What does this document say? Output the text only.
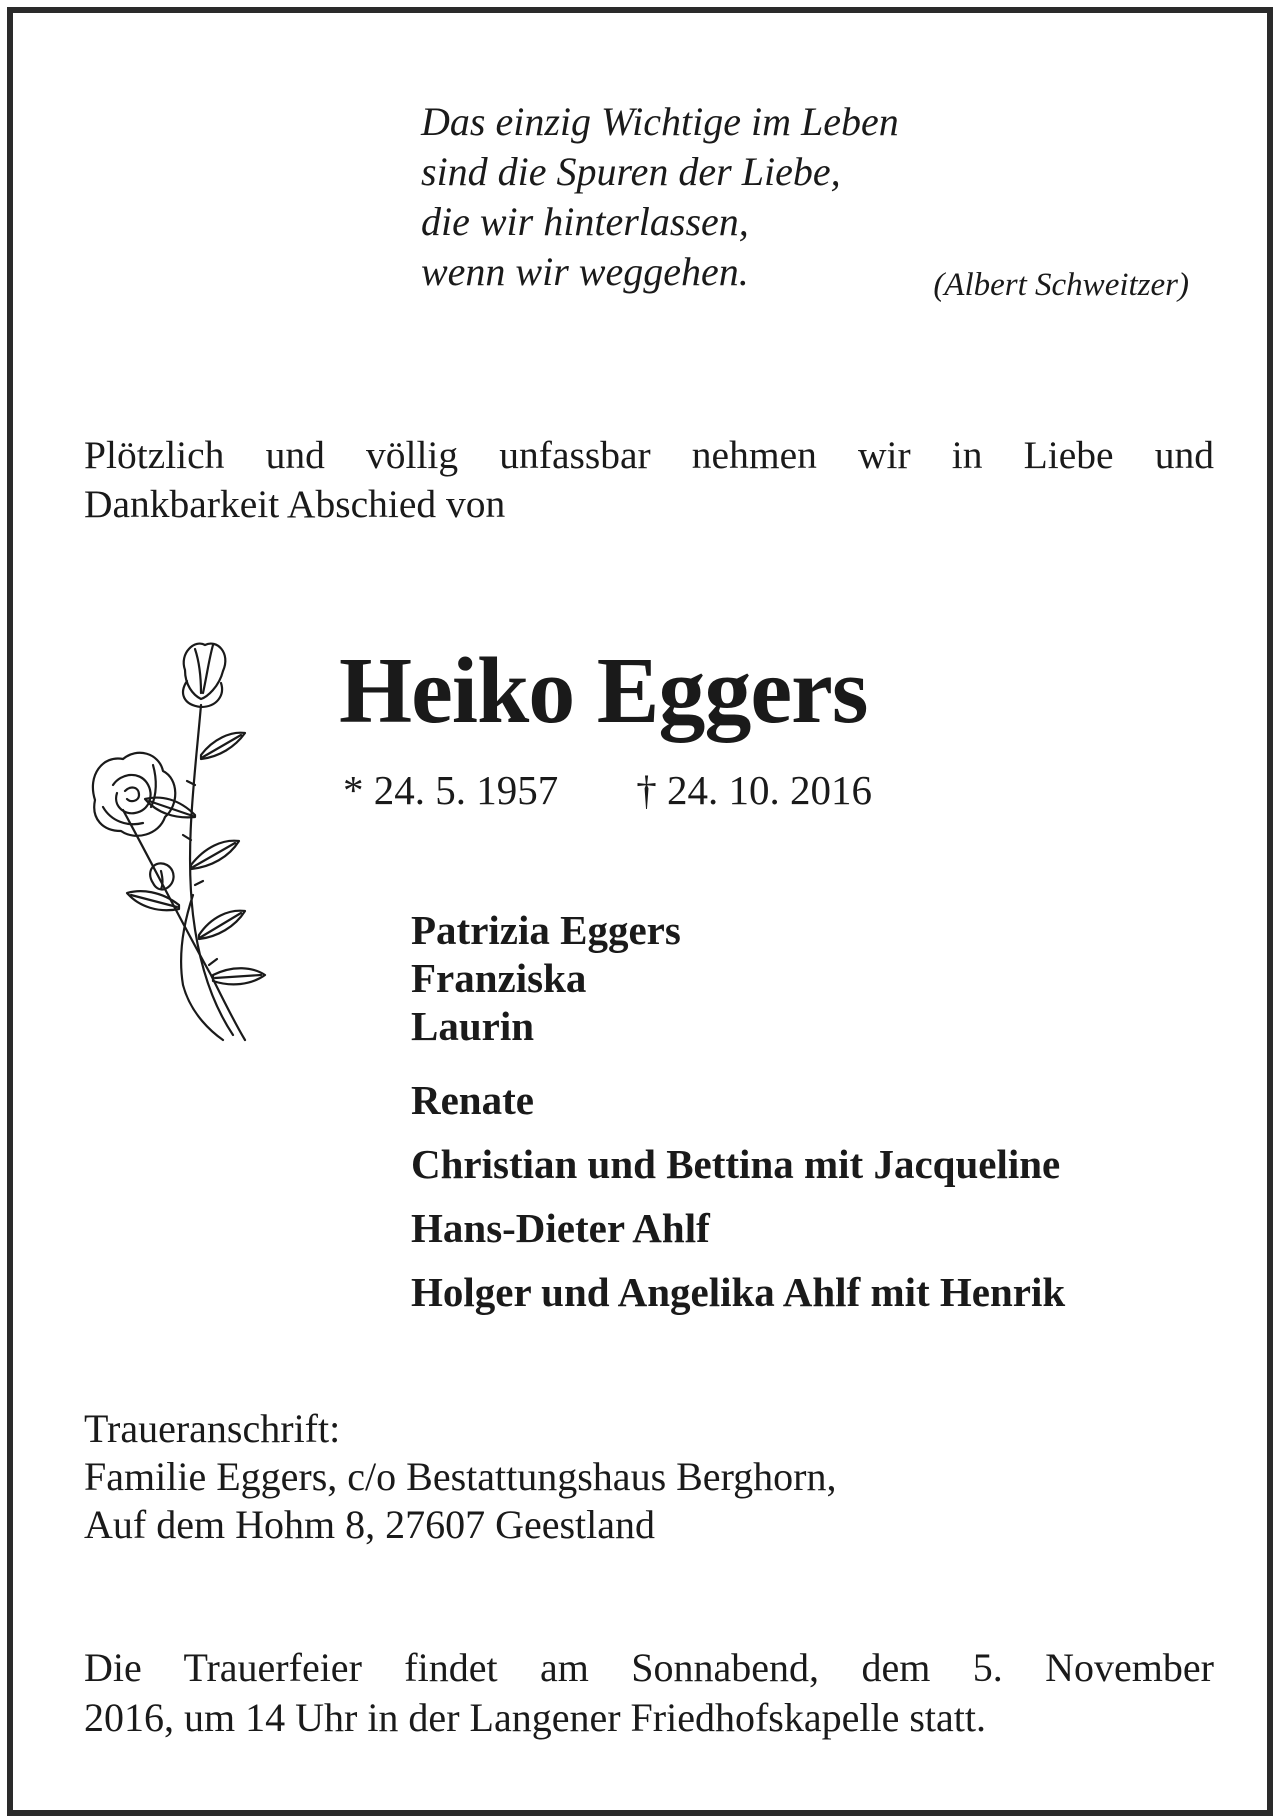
Das einzig Wichtige im Leben
sind die Spuren der Liebe,
die wir hinterlassen,
wenn wir weggehen.	(Albert Schweitzer)
Plötzlich und völlig unfassbar nehmen wir in Liebe und
Dankbarkeit Abschied von
Heiko Eggers
* 24. 5. 1957 † 24. 10. 2016
Patrizia Eggers
Franziska
Laurin
Renate
Christian und Bettina mit Jacqueline
Hans-Dieter Ahlf
Holger und Angelika Ahlf mit Henrik
Traueranschrift:
Familie Eggers, c/o Bestattungshaus Berghorn,
Auf dem Hohm 8, 27607 Geestland
Die Trauerfeier findet am Sonnabend, dem 5. November
2016, um 14 Uhr in der Langener Friedhofskapelle statt.
